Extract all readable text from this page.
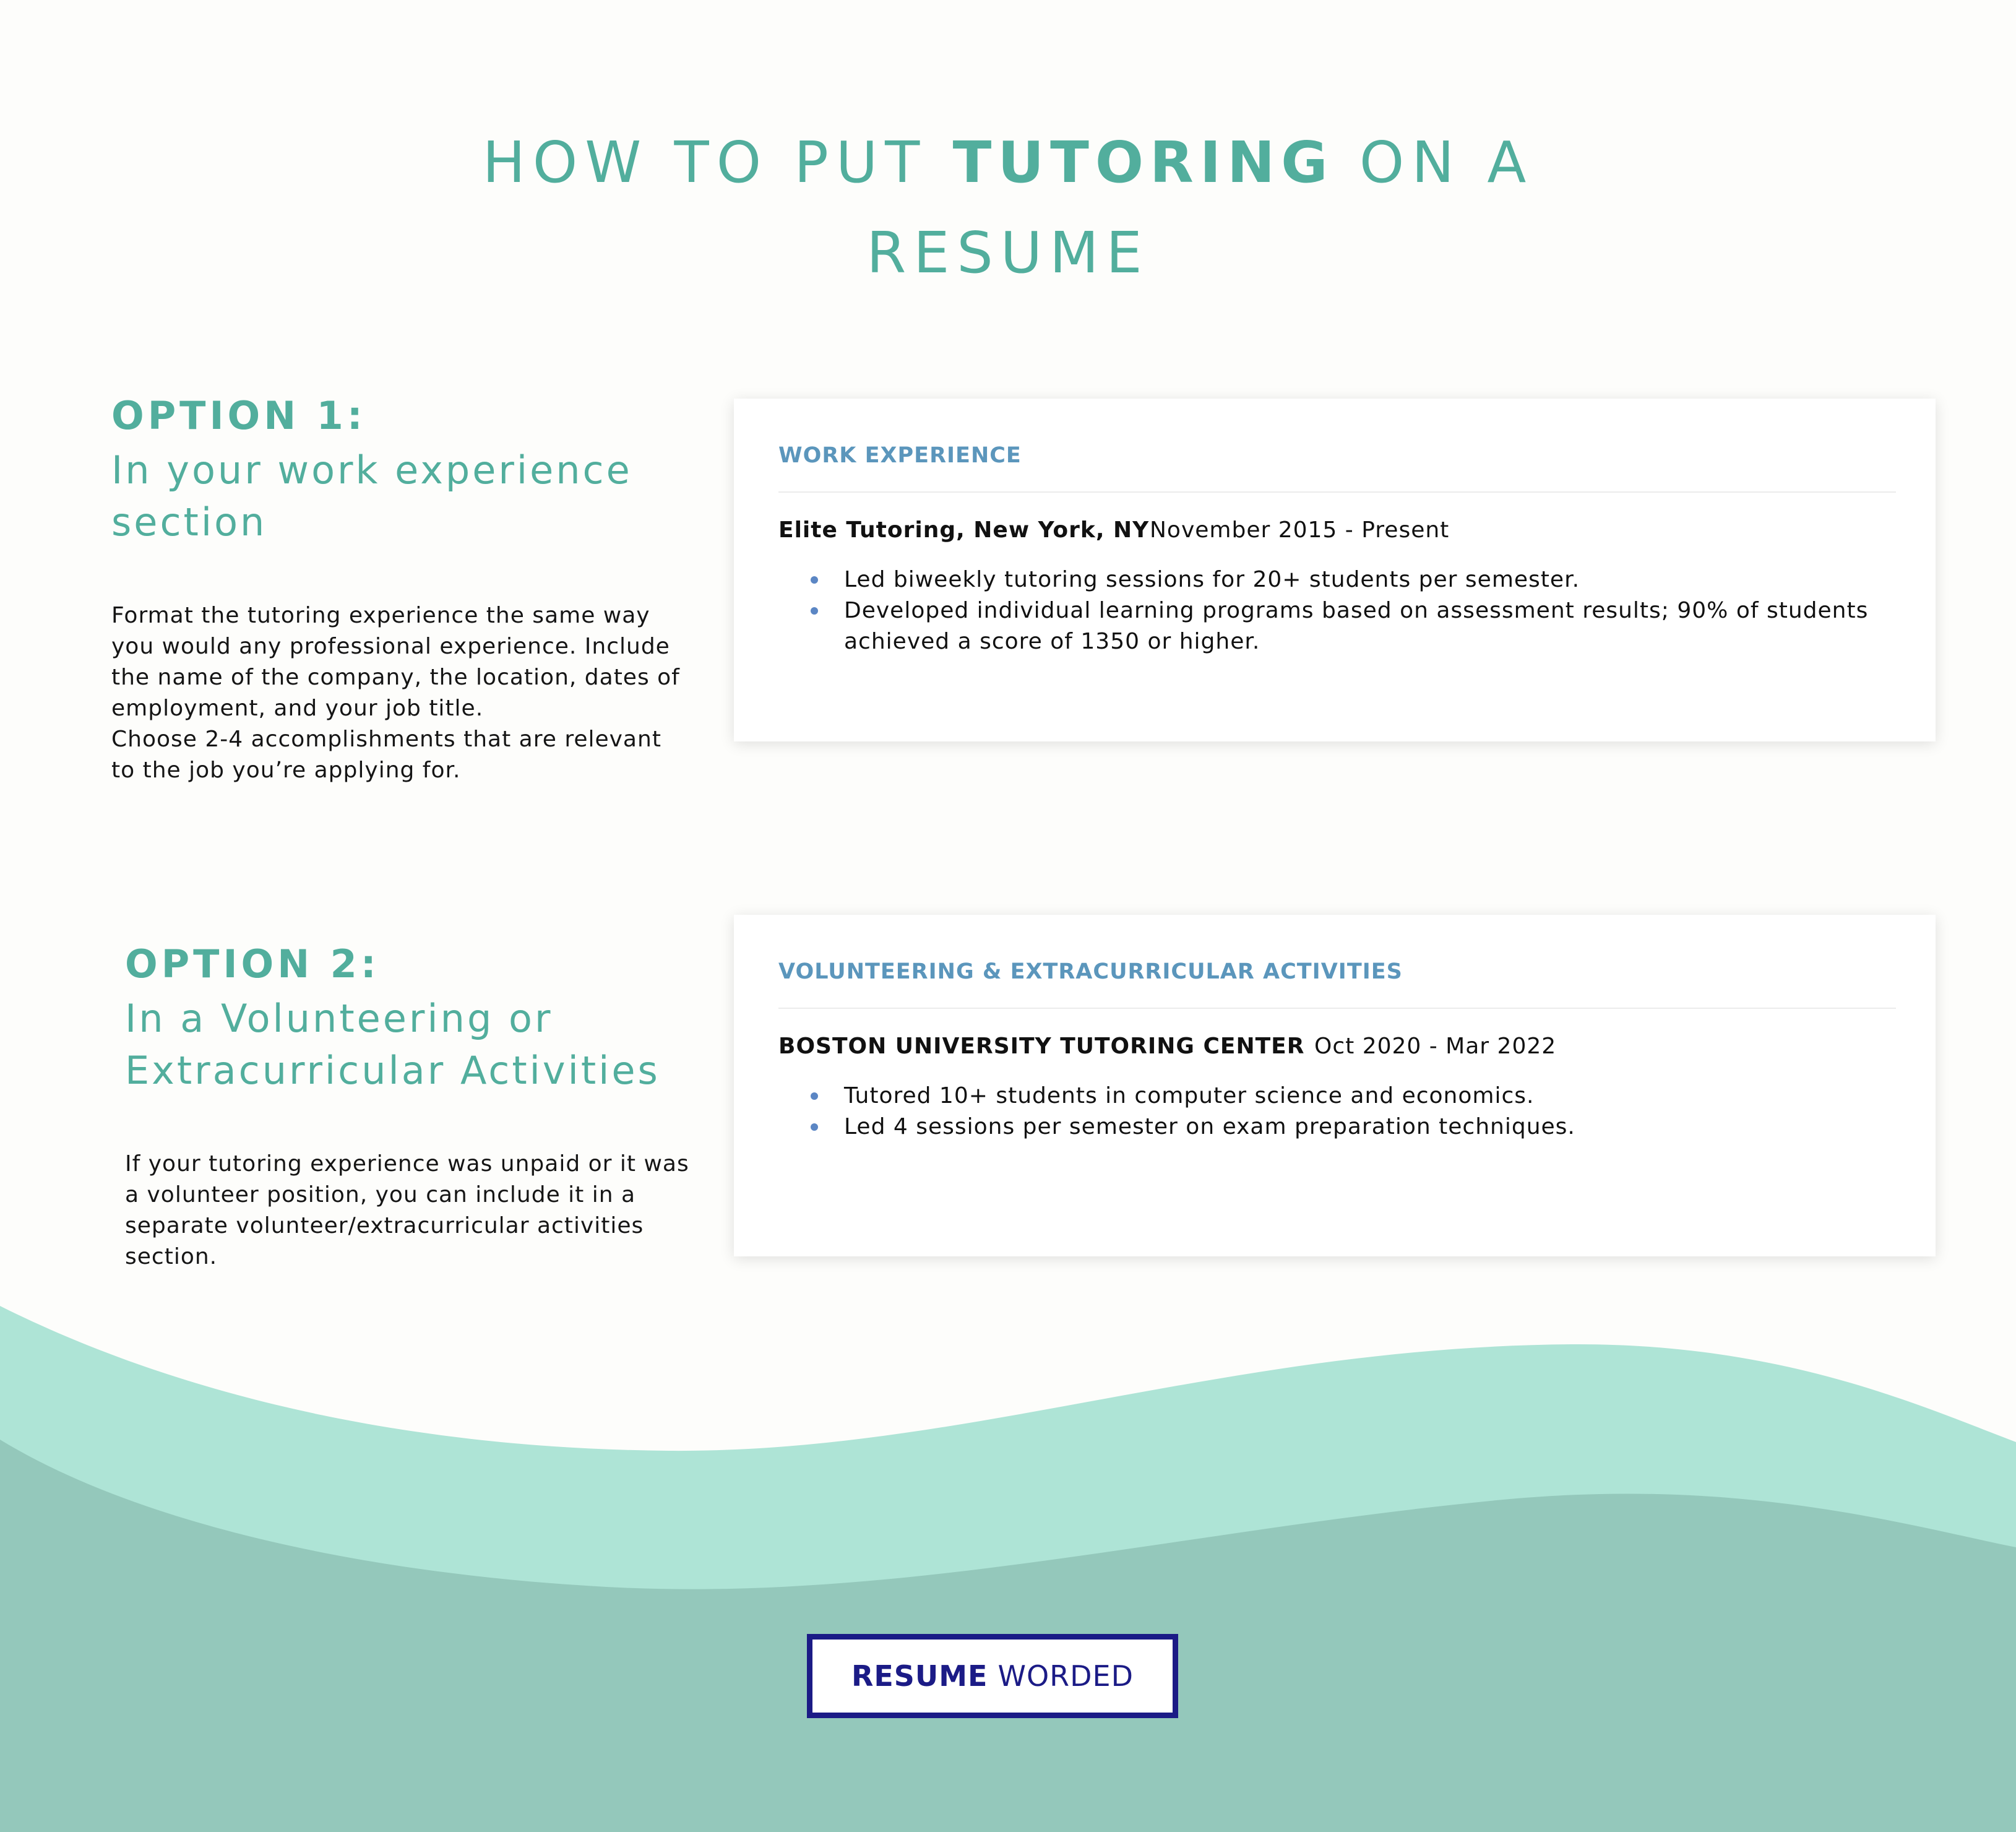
HOW TO PUT TUTORING ON A
RESUME

OPTION 1:

In your work experience
section

Format the tutoring experience the same way
you would any professional experience. Include
the name of the company, the location, dates of
employment, and your job title.
Choose 2-4 accomplishments that are relevant
to the job you’re applying for.

WORK EXPERIENCE

Elite Tutoring, New York, NY November 2015 - Present
Led biweekly tutoring sessions for 20+ students per semester.
Developed individual learning programs based on assessment results; 90% of students
achieved a score of 1350 or higher.

OPTION 2:

In a Volunteering or
Extracurricular Activities

If your tutoring experience was unpaid or it was
a volunteer position, you can include it in a
separate volunteer/extracurricular activities
section.

VOLUNTEERING & EXTRACURRICULAR ACTIVITIES

BOSTON UNIVERSITY TUTORING CENTER Oct 2020 - Mar 2022
Tutored 10+ students in computer science and economics.
Led 4 sessions per semester on exam preparation techniques.
RESUME WORDED
